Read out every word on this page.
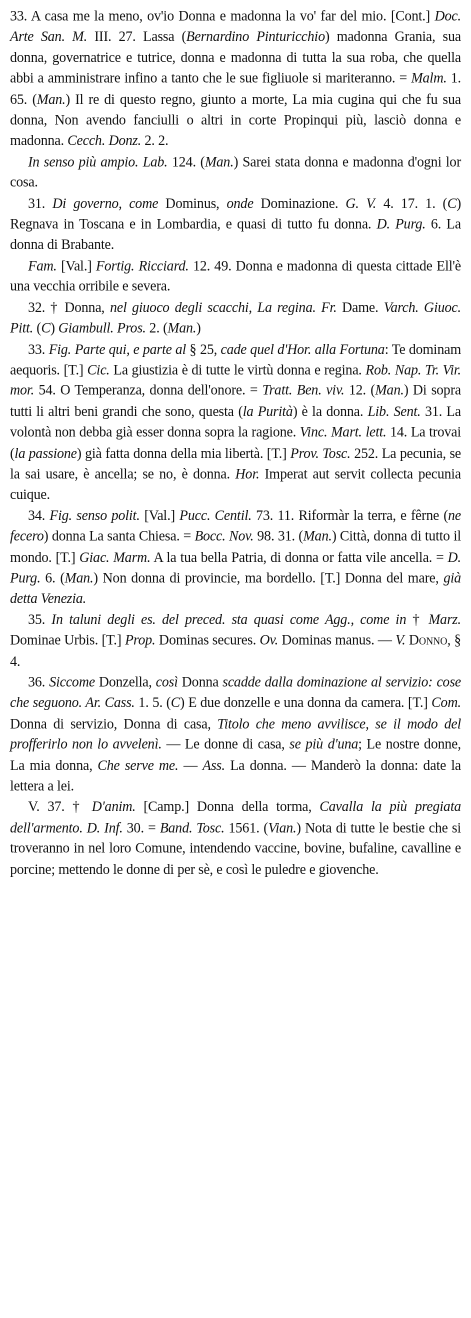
33. A casa me la meno, ov'io Donna e madonna la vo' far del mio. [Cont.] Doc. Arte San. M. III. 27. Lassa (Bernardino Pinturicchio) madonna Grania, sua donna, governatrice e tutrice, donna e madonna di tutta la sua roba, che quella abbi a amministrare infino a tanto che le sue figliuole si mariteranno. = Malm. 1. 65. (Man.) Il re di questo regno, giunto a morte, La mia cugina qui che fu sua donna, Non avendo fanciulli o altri in corte Propinqui più, lasciò donna e madonna. Cecch. Donz. 2. 2.

In senso più ampio. Lab. 124. (Man.) Sarei stata donna e madonna d'ogni lor cosa.

31. Di governo, come Dominus, onde Dominazione. G. V. 4. 17. 1. (C) Regnava in Toscana e in Lombardia, e quasi di tutto fu donna. D. Purg. 6. La donna di Brabante.

Fam. [Val.] Fortig. Ricciard. 12. 49. Donna e madonna di questa cittade Ell'è una vecchia orribile e severa.

32. † Donna, nel giuoco degli scacchi, La regina. Fr. Dame. Varch. Giuoc. Pitt. (C) Giambull. Pros. 2. (Man.)

33. Fig. Parte qui, e parte al § 25, cade quel d'Hor. alla Fortuna: Te dominam aequoris. [T.] Cic. La giustizia è di tutte le virtù donna e regina. Rob. Nap. Tr. Vir. mor. 54. O Temperanza, donna dell'onore. = Tratt. Ben. viv. 12. (Man.) Di sopra tutti li altri beni grandi che sono, questa (la Purità) è la donna. Lib. Sent. 31. La volontà non debba già esser donna sopra la ragione. Vinc. Mart. lett. 14. La trovai (la passione) già fatta donna della mia libertà. [T.] Prov. Tosc. 252. La pecunia, se la sai usare, è ancella; se no, è donna. Hor. Imperat aut servit collecta pecunia cuique.

34. Fig. senso polit. [Val.] Pucc. Centil. 73. 11. Riformàr la terra, e fêrne (ne fecero) donna La santa Chiesa. = Bocc. Nov. 98. 31. (Man.) Città, donna di tutto il mondo. [T.] Giac. Marm. A la tua bella Patria, di donna or fatta vile ancella. = D. Purg. 6. (Man.) Non donna di provincie, ma bordello. [T.] Donna del mare, già detta Venezia.

35. In taluni degli es. del preced. sta quasi come Agg., come in † Marz. Dominae Urbis. [T.] Prop. Dominas secures. Ov. Dominas manus. — V. Donno, § 4.

36. Siccome Donzella, così Donna scadde dalla dominazione al servizio: cose che seguono. Ar. Cass. 1. 5. (C) E due donzelle e una donna da camera. [T.] Com. Donna di servizio, Donna di casa, Titolo che meno avvilisce, se il modo del profferirlo non lo avvelenì. — Le donne di casa, se più d'una; Le nostre donne, La mia donna, Che serve me. — Ass. La donna. — Manderò la donna: date la lettera a lei.

V. 37. † D'anim. [Camp.] Donna della torma, Cavalla la più pregiata dell'armento. D. Inf. 30. = Band. Tosc. 1561. (Vian.) Nota di tutte le bestie che si troveranno in nel loro Comune, intendendo vaccine, bovine, bufaline, cavalline e porcine; mettendo le donne di per sè, e così le puledre e giovenche.
